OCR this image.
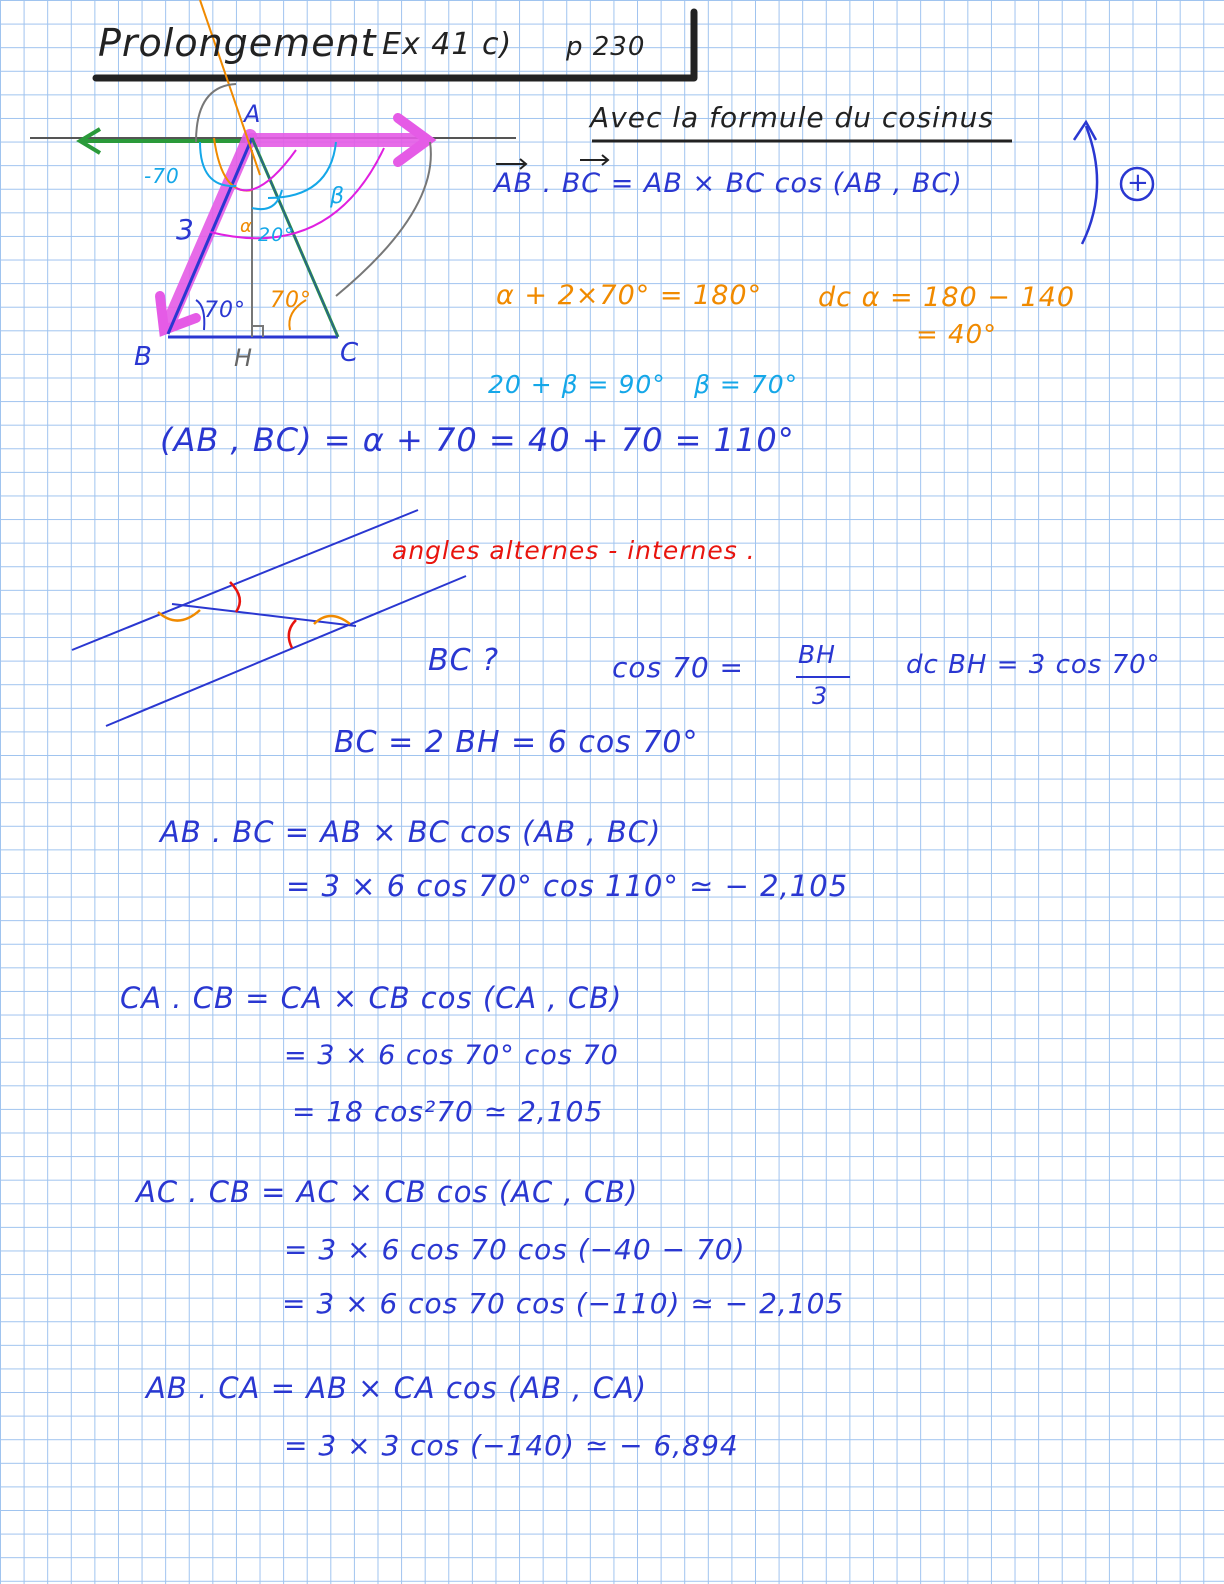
Prolongement Ex 41 c) p 230
A
B	C
H
3
70° 70°
-70
20°
α
β
Avec la formule du cosinus
AB . BC = AB × BC cos (AB , BC)	+
α + 2×70° = 180° dc α = 180 − 140
= 40°
20 + β = 90° β = 70°
(AB , BC) = α + 70 = 40 + 70 = 110°
angles alternes - internes .
BC ?	cos 70 = BH
3
dc BH = 3 cos 70°
BC = 2 BH = 6 cos 70°
AB . BC = AB × BC cos (AB , BC)
= 3 × 6 cos 70° cos 110° ≃ − 2,105
CA . CB = CA × CB cos (CA , CB)
= 3 × 6 cos 70° cos 70
= 18 cos²70 ≃ 2,105
AC . CB = AC × CB cos (AC , CB)
= 3 × 6 cos 70 cos (−40 − 70)
= 3 × 6 cos 70 cos (−110) ≃ − 2,105
AB . CA = AB × CA cos (AB , CA)
= 3 × 3 cos (−140) ≃ − 6,894
